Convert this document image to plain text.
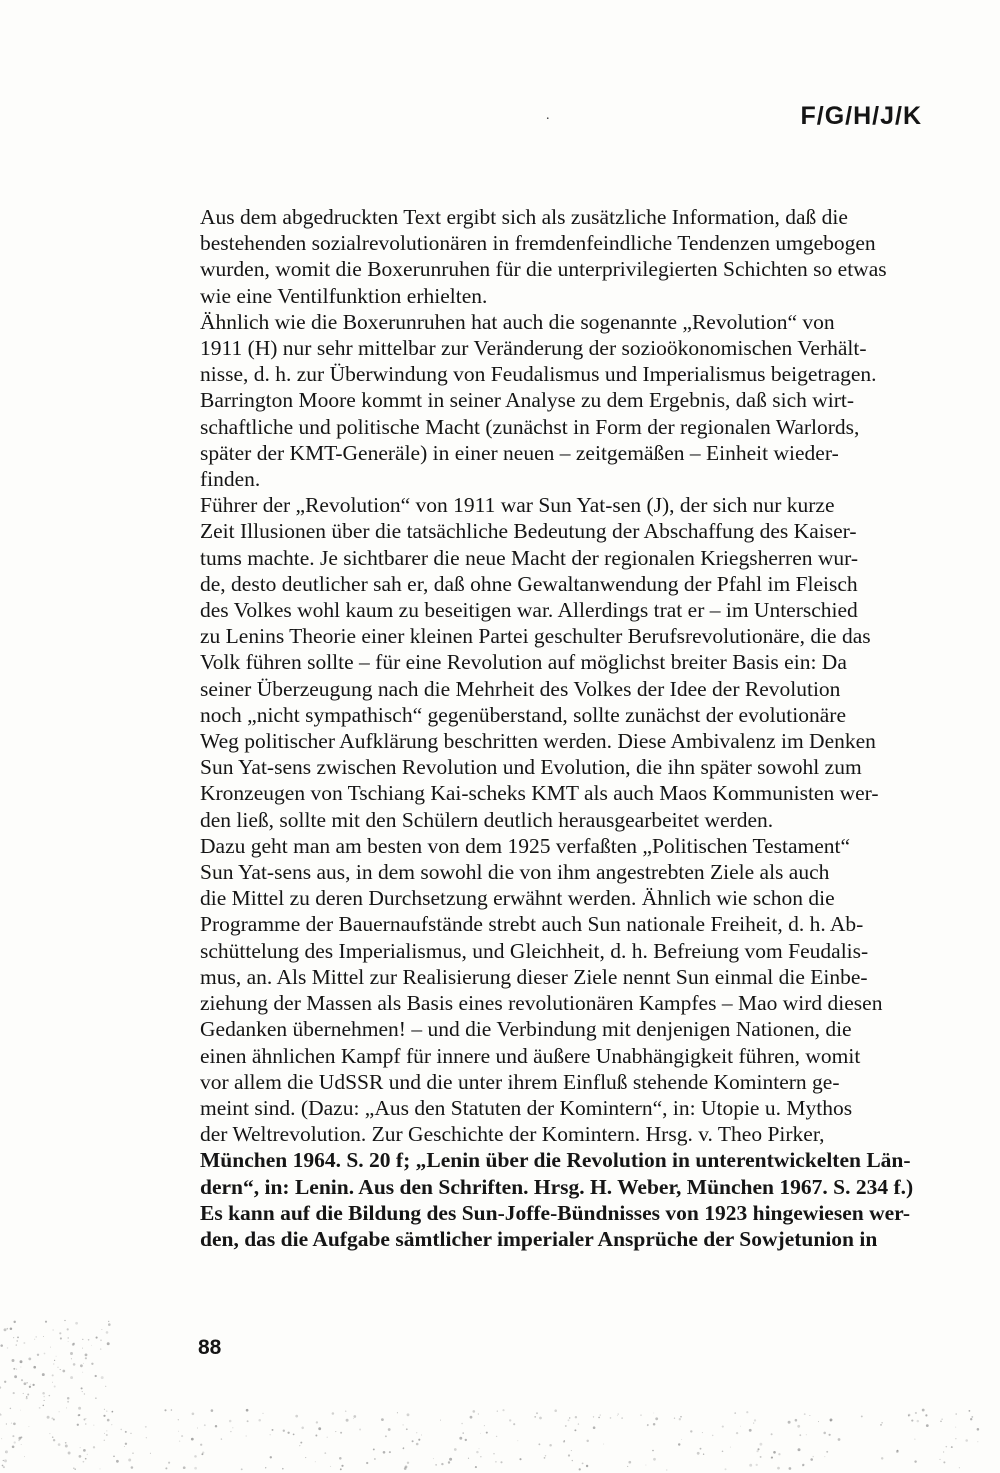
.	F/G/H/J/K
Aus dem abgedruckten Text ergibt sich als zusätzliche Information, daß die
bestehenden sozialrevolutionären in fremdenfeindliche Tendenzen umgebogen
wurden, womit die Boxerunruhen für die unterprivilegierten Schichten so etwas
wie eine Ventilfunktion erhielten.
Ähnlich wie die Boxerunruhen hat auch die sogenannte „Revolution“ von
1911 (H) nur sehr mittelbar zur Veränderung der sozioökonomischen Verhält-
nisse, d. h. zur Überwindung von Feudalismus und Imperialismus beigetragen.
Barrington Moore kommt in seiner Analyse zu dem Ergebnis, daß sich wirt-
schaftliche und politische Macht (zunächst in Form der regionalen Warlords,
später der KMT-Generäle) in einer neuen – zeitgemäßen – Einheit wieder-
finden.
Führer der „Revolution“ von 1911 war Sun Yat-sen (J), der sich nur kurze
Zeit Illusionen über die tatsächliche Bedeutung der Abschaffung des Kaiser-
tums machte. Je sichtbarer die neue Macht der regionalen Kriegsherren wur-
de, desto deutlicher sah er, daß ohne Gewaltanwendung der Pfahl im Fleisch
des Volkes wohl kaum zu beseitigen war. Allerdings trat er – im Unterschied
zu Lenins Theorie einer kleinen Partei geschulter Berufsrevolutionäre, die das
Volk führen sollte – für eine Revolution auf möglichst breiter Basis ein: Da
seiner Überzeugung nach die Mehrheit des Volkes der Idee der Revolution
noch „nicht sympathisch“ gegenüberstand, sollte zunächst der evolutionäre
Weg politischer Aufklärung beschritten werden. Diese Ambivalenz im Denken
Sun Yat-sens zwischen Revolution und Evolution, die ihn später sowohl zum
Kronzeugen von Tschiang Kai-scheks KMT als auch Maos Kommunisten wer-
den ließ, sollte mit den Schülern deutlich herausgearbeitet werden.
Dazu geht man am besten von dem 1925 verfaßten „Politischen Testament“
Sun Yat-sens aus, in dem sowohl die von ihm angestrebten Ziele als auch
die Mittel zu deren Durchsetzung erwähnt werden. Ähnlich wie schon die
Programme der Bauernaufstände strebt auch Sun nationale Freiheit, d. h. Ab-
schüttelung des Imperialismus, und Gleichheit, d. h. Befreiung vom Feudalis-
mus, an. Als Mittel zur Realisierung dieser Ziele nennt Sun einmal die Einbe-
ziehung der Massen als Basis eines revolutionären Kampfes – Mao wird diesen
Gedanken übernehmen! – und die Verbindung mit denjenigen Nationen, die
einen ähnlichen Kampf für innere und äußere Unabhängigkeit führen, womit
vor allem die UdSSR und die unter ihrem Einfluß stehende Komintern ge-
meint sind. (Dazu: „Aus den Statuten der Komintern“, in: Utopie u. Mythos
der Weltrevolution. Zur Geschichte der Komintern. Hrsg. v. Theo Pirker,
München 1964. S. 20 f; „Lenin über die Revolution in unterentwickelten Län-
dern“, in: Lenin. Aus den Schriften. Hrsg. H. Weber, München 1967. S. 234 f.)
Es kann auf die Bildung des Sun-Joffe-Bündnisses von 1923 hingewiesen wer-
den, das die Aufgabe sämtlicher imperialer Ansprüche der Sowjetunion in
88
